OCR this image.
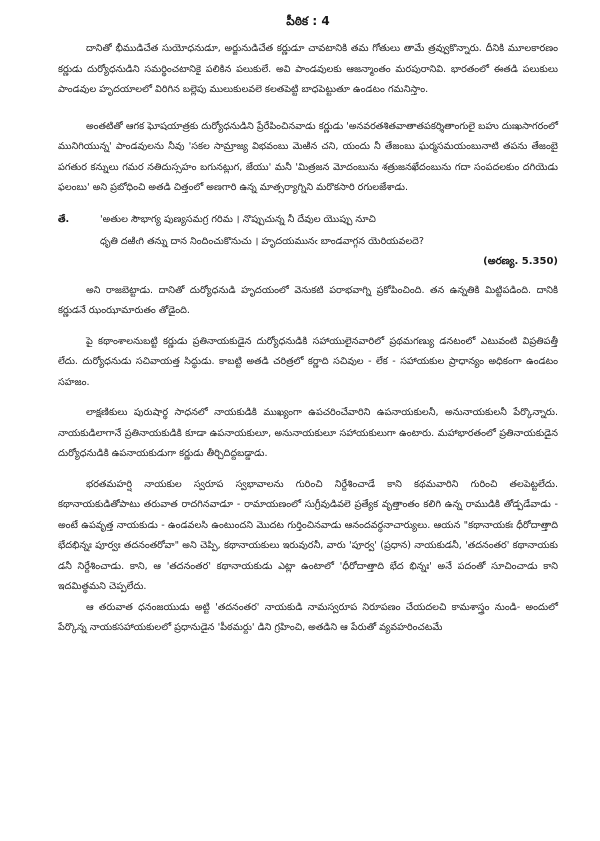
పీఠిక : 4

దానితో భీముడిచేత సుయోధనుడూ, అర్జునుడిచేత కర్ణుడూ చావటానికి తమ గోతులు తామే త్రవ్వుకొన్నారు. దీనికి మూలకారణం కర్ణుడు దుర్యోధనుడిని సమర్థించటానికై పలికిన పలుకులే. అవి పాండవులకు ఆజన్మాంతం మరపురానివి. భారతంలో ఈతడి పలుకులు పాండవుల హృదయాలలో విరిగిన బల్లెపు ములుకులవలె కలతపెట్టి బాధపెట్టుతూ ఉండటం గమనిస్తాం.

అంతటితో ఆగక ఘోషయాత్రకు దుర్యోధనుడిని ప్రేరేపించినవాడు కర్ణుడు 'అనవరతశితవాతాతపకర్శితాంగులై బహు దుఃఖసాగరంలో మునిగియున్న' పాండవులను నీవు 'సకల సామ్రాజ్య విభవంబు మెఱిన చని, యందు నీ తేజంబు ఘర్మసమయంబునాటి తపను తేజంబై పగతుర కన్నులు గమర నతిదుస్సహం బగునట్లుగ, జేయు' మనీ 'మిత్రజన మోదంబును శత్రుజనఖేదంబును గదా సంపదలకుం దగియెడు ఫలంబు' అని ప్రబోధించి అతడి చిత్తంలో అణగారి ఉన్న మాత్సర్యాగ్నిని మరొకసారి రగులజేశాడు.

తే.	'అతుల సౌభాగ్య పుణ్యసమగ్ర గరిమ । నొప్పుచున్న నీ దేవుల యొప్పు నూచి
ధృతి దఱిఁగి తన్ను దాన నిందించుకొనుచు । హృదయమునఁ బాండవాగ్గన యెరియవలదె?
(అరణ్య. 5.350)

అని రాజబెట్టాడు. దానితో దుర్యోధనుడి హృదయంలో వెనుకటి పరాభవాగ్ని ప్రకోపించింది. తన ఉన్నతికి మిట్టిపడింది. దానికి కర్ణుడనే ఝంఝామారుతం తోడైంది.

పై కథాంశాలనుబట్టి కర్ణుడు ప్రతినాయకుడైన దుర్యోధనుడికి సహాయులైనవారిలో ప్రథమగణ్యు డనటంలో ఎటువంటి విప్రతిపత్తీ లేదు. దుర్యోధనుడు సచివాయత్త సిద్ధుడు. కాబట్టి అతడి చరిత్రలో కర్ణాది సచివుల - లేక - సహాయకుల ప్రాధాన్యం అధికంగా ఉండటం సహజం.

లాక్షణికులు పురుషార్థ సాధనలో నాయకుడికి ముఖ్యంగా ఉపచరించేవారిని ఉపనాయకులనీ, అనునాయకులనీ పేర్కొన్నారు. నాయకుడిలాగానే ప్రతినాయకుడికి కూడా ఉపనాయకులూ, అనునాయకులూ సహాయకులుగా ఉంటారు. మహాభారతంలో ప్రతినాయకుడైన దుర్యోధనుడికి ఉపనాయకుడుగా కర్ణుడు తీర్చిదిద్దబడ్డాడు.

భరతమహర్షి నాయకుల స్వరూప స్వభావాలను గురించి నిర్దేశించాడే కాని కథమవారిని గురించి తలపెట్టలేదు. కథానాయకుడితోపాటు తరువాత రాదగినవాడూ - రామాయణంలో సుగ్రీవుడివలె ప్రత్యేక వృత్తాంతం కలిగి ఉన్న రాముడికి తోడ్పడేవాడు - అంటే ఉపవృత్త నాయకుడు - ఉండవలసి ఉంటుందని మొదట గుర్తించినవాడు ఆనందవర్ధనాచార్యులు. ఆయన "కథానాయకః ధీరోదాత్తాది భేదభిన్నః పూర్వః తదనంతరోవా" అని చెప్పి, కథానాయకులు ఇరువురనీ, వారు 'పూర్వ' (ప్రధాన) నాయకుడనీ, 'తదనంతర' కథానాయకు డనీ నిర్దేశించాడు. కాని, ఆ 'తదనంతర' కథానాయకుడు ఎట్లా ఉంటాలో 'ధీరోదాత్తాది భేద భిన్నః' అనే పదంతో సూచించాడు కాని ఇదమిత్థమని చెప్పలేదు.

ఆ తరువాత ధనంజయుడు అట్టి 'తదనంతర' నాయకుడి నామస్వరూప నిరూపణం చేయదలచి కామశాస్త్రం నుండి- అందులో పేర్కొన్న నాయకసహాయకులలో ప్రధానుడైన 'పీఠమర్దు' డిని గ్రహించి, అతడిని ఆ పేరుతో వ్యవహరించటమే
